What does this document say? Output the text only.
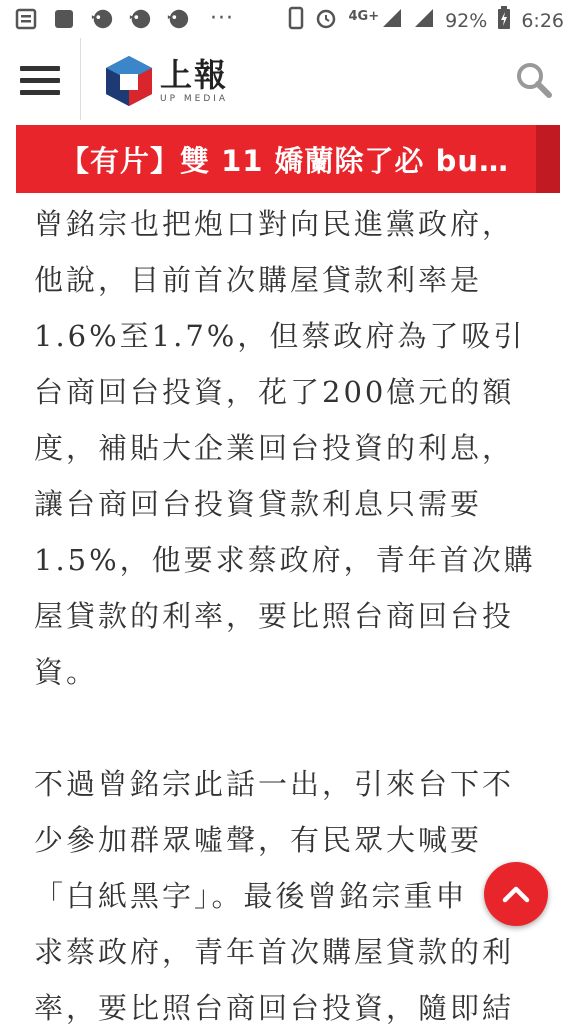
···	4G+	92% 6:26
上報
UP MEDIA
【有片】雙 11 嬌蘭除了必 bu…

曾銘宗也把炮口對向民進黨政府，

他說，目前首次購屋貸款利率是

1.6%至1.7%，但蔡政府為了吸引

台商回台投資，花了200億元的額

度，補貼大企業回台投資的利息，

讓台商回台投資貸款利息只需要

1.5%，他要求蔡政府，青年首次購

屋貸款的利率，要比照台商回台投

資。

不過曾銘宗此話一出，引來台下不

少參加群眾噓聲，有民眾大喊要

「白紙黑字」。最後曾銘宗重申

求蔡政府，青年首次購屋貸款的利

率，要比照台商回台投資，隨即結
